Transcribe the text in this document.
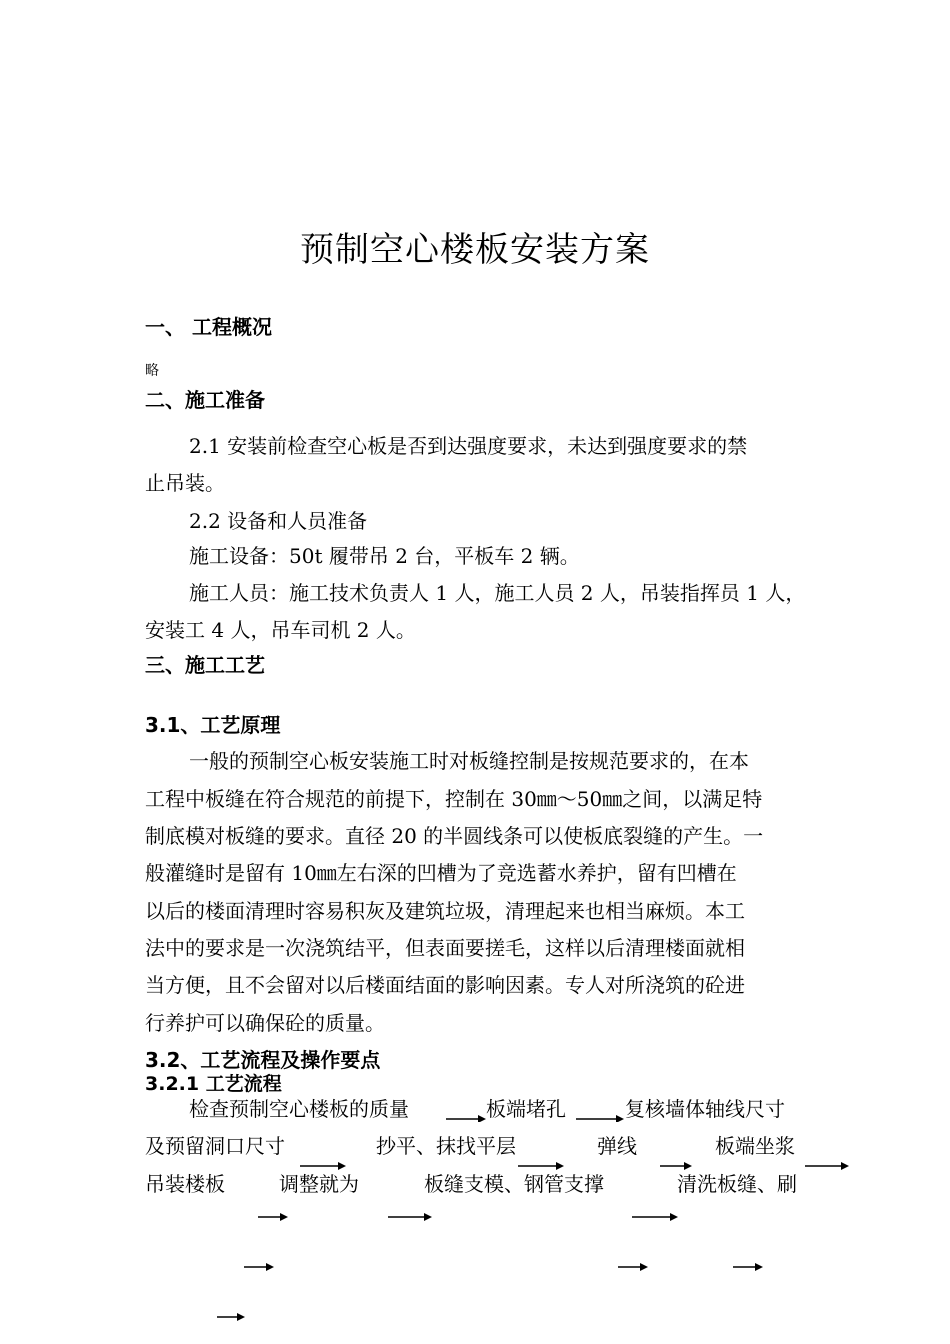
预制空心楼板安装方案
一、 工程概况
略
二、施工准备
2.1 安装前检查空心板是否到达强度要求，未达到强度要求的禁
止吊装。
2.2 设备和人员准备
施工设备：50t 履带吊 2 台，平板车 2 辆。
施工人员：施工技术负责人 1 人，施工人员 2 人，吊装指挥员 1 人，
安装工 4 人，吊车司机 2 人。
三、施工工艺
3.1、工艺原理
一般的预制空心板安装施工时对板缝控制是按规范要求的，在本
工程中板缝在符合规范的前提下，控制在 30㎜～50㎜之间，以满足特
制底模对板缝的要求。直径 20 的半圆线条可以使板底裂缝的产生。一
般灌缝时是留有 10㎜左右深的凹槽为了竞选蓄水养护，留有凹槽在
以后的楼面清理时容易积灰及建筑垃圾，清理起来也相当麻烦。本工
法中的要求是一次浇筑结平，但表面要搓毛，这样以后清理楼面就相
当方便，且不会留对以后楼面结面的影响因素。专人对所浇筑的砼进
行养护可以确保砼的质量。
3.2、工艺流程及操作要点
3.2.1 工艺流程
检查预制空心楼板的质量	板端堵孔	复核墙体轴线尺寸
及预留洞口尺寸	抄平、抹找平层	弹线	板端坐浆
吊装楼板	调整就为	板缝支模、钢管支撑	清洗板缝、刷
